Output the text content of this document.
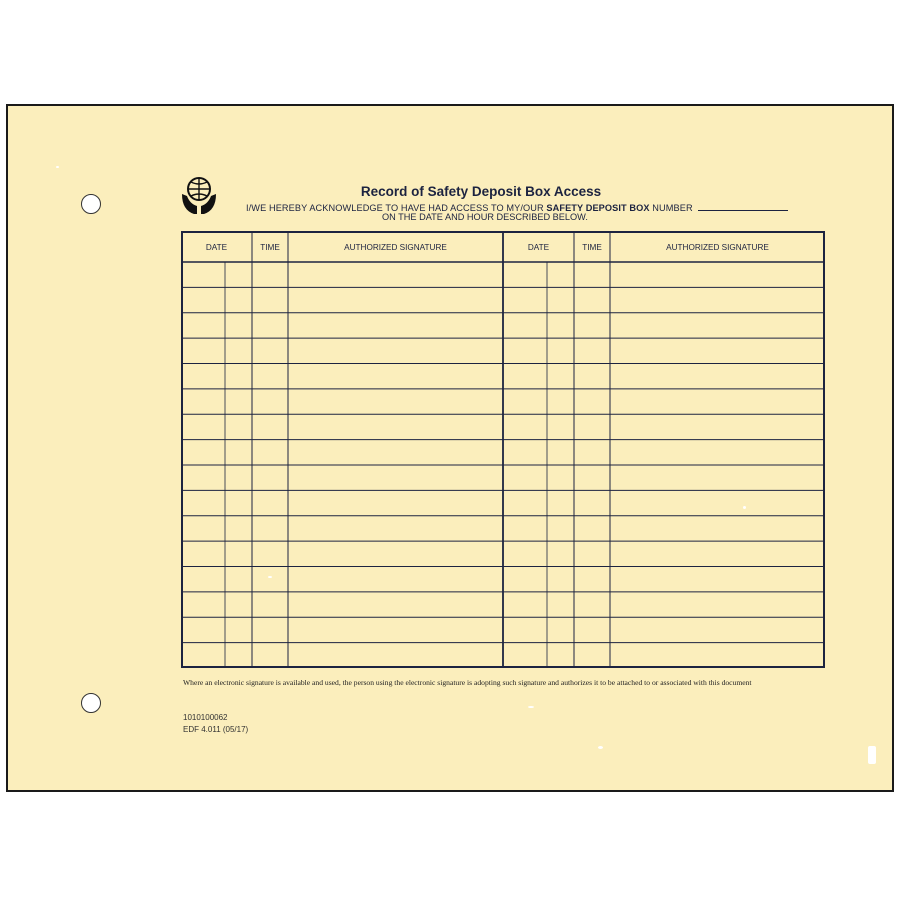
Record of Safety Deposit Box Access
I/WE HEREBY ACKNOWLEDGE TO HAVE HAD ACCESS TO MY/OUR SAFETY DEPOSIT BOX NUMBER
ON THE DATE AND HOUR DESCRIBED BELOW.
DATE	TIME	AUTHORIZED SIGNATURE	DATE	TIME	AUTHORIZED SIGNATURE
Where an electronic signature is available and used, the person using the electronic signature is adopting such signature and authorizes it to be attached to or associated with this document
1010100062
EDF 4.011 (05/17)
